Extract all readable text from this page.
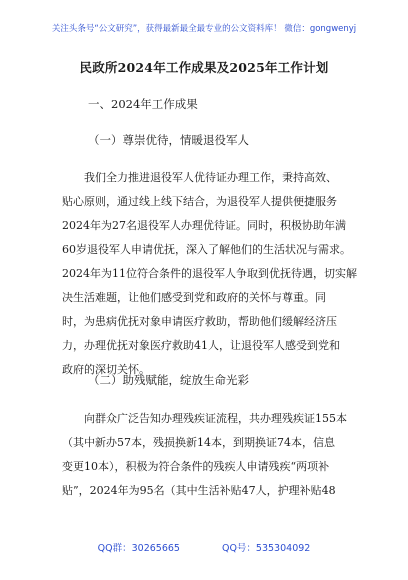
关注头条号“公文研究”，获得最新最全最专业的公文资料库！ 微信：gongwenyj
民政所2024年工作成果及2025年工作计划
一、2024年工作成果
（一）尊崇优待，情暖退役军人
我们全力推进退役军人优待证办理工作，秉持高效、
贴心原则，通过线上线下结合，为退役军人提供便捷服务
2024年为27名退役军人办理优待证。同时，积极协助年满
60岁退役军人申请优抚，深入了解他们的生活状况与需求。
2024年为11位符合条件的退役军人争取到优抚待遇，切实解
决生活难题，让他们感受到党和政府的关怀与尊重。同
时，为患病优抚对象申请医疗救助，帮助他们缓解经济压
力，办理优抚对象医疗救助41人，让退役军人感受到党和
政府的深切关怀。
（二）助残赋能，绽放生命光彩
向群众广泛告知办理残疾证流程，共办理残疾证155本
（其中新办57本，残损换新14本，到期换证74本，信息
变更10本），积极为符合条件的残疾人申请残疾“两项补
贴”，2024年为95名（其中生活补贴47人，护理补贴48
QQ群：30265665	QQ号：535304092
